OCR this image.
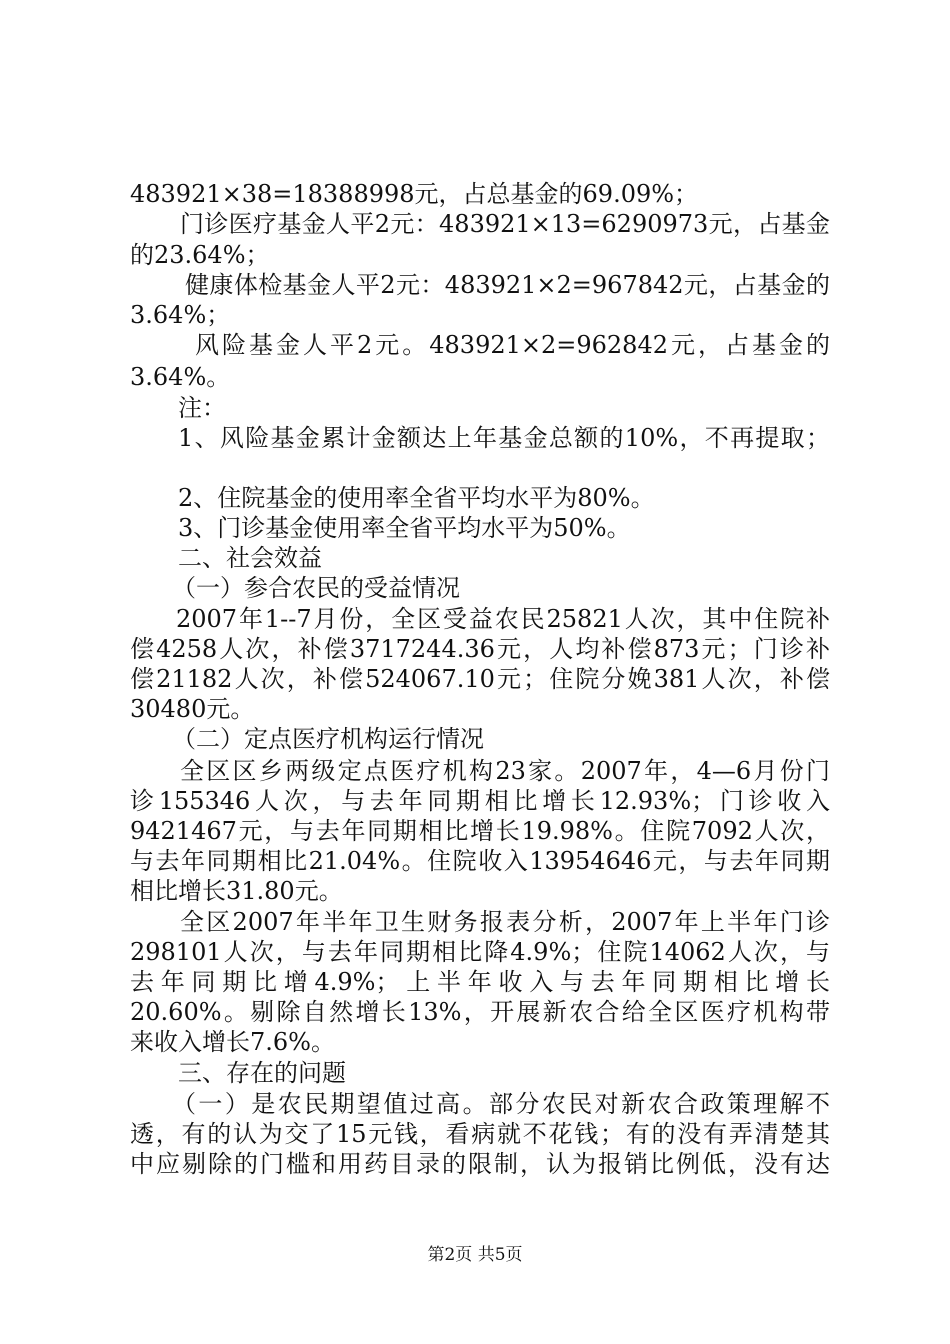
483921×38=18388998元，占总基金的69.09%；
门诊医疗基金人平2元：483921×13=6290973元，占基金
的23.64%；
健康体检基金人平2元：483921×2=967842元，占基金的
3.64%；
风险基金人平2元。483921×2=962842元，占基金的
3.64%。
注：
1、风险基金累计金额达上年基金总额的10%，不再提取；
2、住院基金的使用率全省平均水平为80%。
3、门诊基金使用率全省平均水平为50%。
二、社会效益
（一）参合农民的受益情况
2007年1--7月份，全区受益农民25821人次，其中住院补
偿4258人次，补偿3717244.36元，人均补偿873元；门诊补
偿21182人次，补偿524067.10元；住院分娩381人次，补偿
30480元。
（二）定点医疗机构运行情况
全区区乡两级定点医疗机构23家。2007年，4—6月份门
诊155346人次，与去年同期相比增长12.93%；门诊收入
9421467元，与去年同期相比增长19.98%。住院7092人次，
与去年同期相比21.04%。住院收入13954646元，与去年同期
相比增长31.80元。
全区2007年半年卫生财务报表分析，2007年上半年门诊
298101人次，与去年同期相比降4.9%；住院14062人次，与
去年同期比增4.9%；上半年收入与去年同期相比增长
20.60%。剔除自然增长13%，开展新农合给全区医疗机构带
来收入增长7.6%。
三、存在的问题
（一）是农民期望值过高。部分农民对新农合政策理解不
透，有的认为交了15元钱，看病就不花钱；有的没有弄清楚其
中应剔除的门槛和用药目录的限制，认为报销比例低，没有达
第2页 共5页
